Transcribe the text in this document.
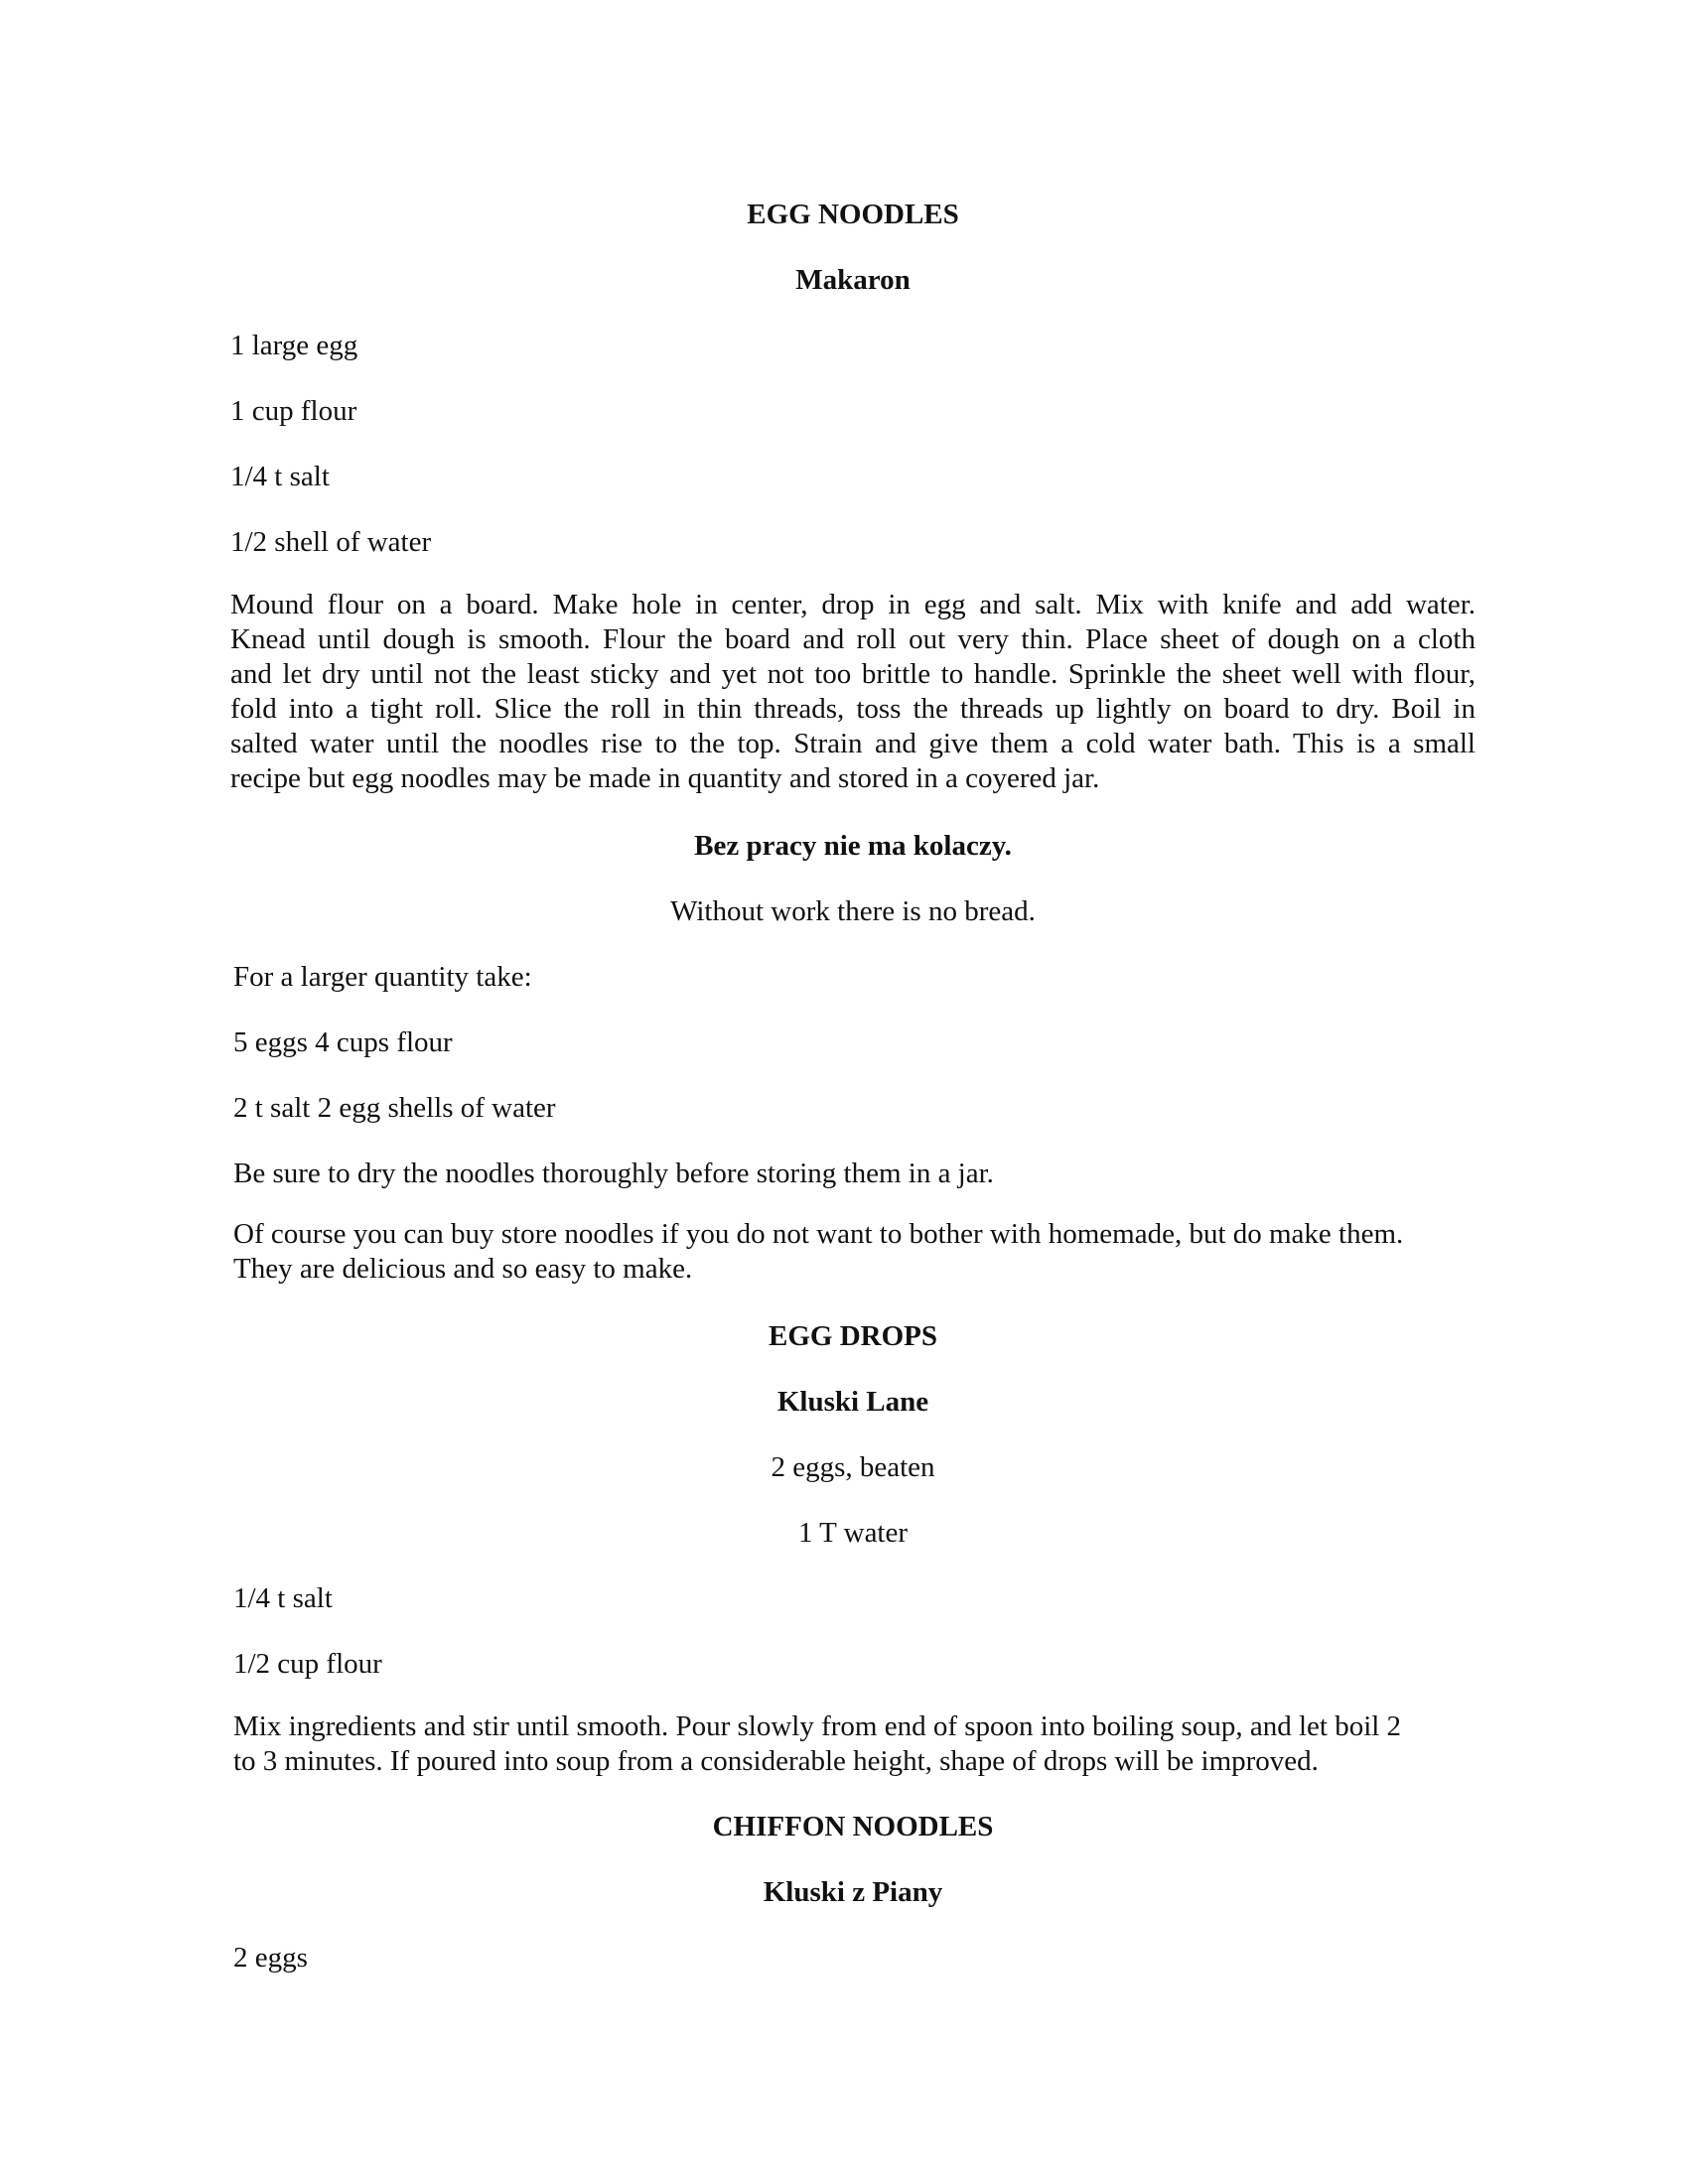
EGG NOODLES
Makaron
1 large egg
1 cup flour
1/4 t salt
1/2 shell of water
Mound flour on a board. Make hole in center, drop in egg and salt. Mix with knife and add water.
Knead until dough is smooth. Flour the board and roll out very thin. Place sheet of dough on a cloth
and let dry until not the least sticky and yet not too brittle to handle. Sprinkle the sheet well with flour,
fold into a tight roll. Slice the roll in thin threads, toss the threads up lightly on board to dry. Boil in
salted water until the noodles rise to the top. Strain and give them a cold water bath. This is a small
recipe but egg noodles may be made in quantity and stored in a coyered jar.
Bez pracy nie ma kolaczy.
Without work there is no bread.
For a larger quantity take:
5 eggs 4 cups flour
2 t salt 2 egg shells of water
Be sure to dry the noodles thoroughly before storing them in a jar.
Of course you can buy store noodles if you do not want to bother with homemade, but do make them.
They are delicious and so easy to make.
EGG DROPS
Kluski Lane
2 eggs, beaten
1 T water
1/4 t salt
1/2 cup flour
Mix ingredients and stir until smooth. Pour slowly from end of spoon into boiling soup, and let boil 2
to 3 minutes. If poured into soup from a considerable height, shape of drops will be improved.
CHIFFON NOODLES
Kluski z Piany
2 eggs
